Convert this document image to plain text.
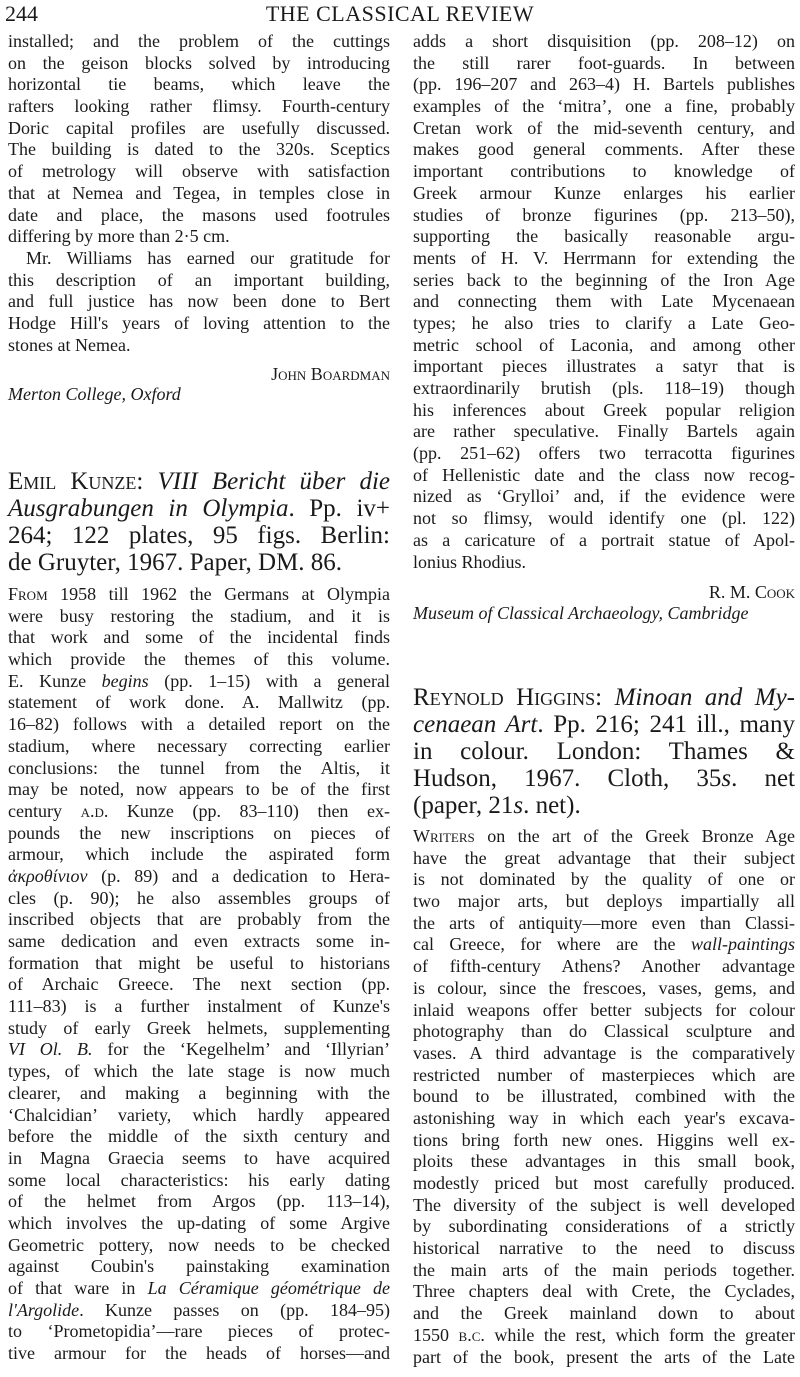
244	THE CLASSICAL REVIEW
installed; and the problem of the cuttings
on the geison blocks solved by introducing
horizontal tie beams, which leave the
rafters looking rather flimsy. Fourth-century
Doric capital profiles are usefully discussed.
The building is dated to the 320s. Sceptics
of metrology will observe with satisfaction
that at Nemea and Tegea, in temples close in
date and place, the masons used footrules
differing by more than 2·5 cm.
Mr. Williams has earned our gratitude for
this description of an important building,
and full justice has now been done to Bert
Hodge Hill's years of loving attention to the
stones at Nemea.
John Boardman
Merton College, Oxford
Emil Kunze: VIII Bericht über die
Ausgrabungen in Olympia. Pp. iv+
264; 122 plates, 95 figs. Berlin:
de Gruyter, 1967. Paper, DM. 86.
From 1958 till 1962 the Germans at Olympia
were busy restoring the stadium, and it is
that work and some of the incidental finds
which provide the themes of this volume.
E. Kunze begins (pp. 1–15) with a general
statement of work done. A. Mallwitz (pp.
16–82) follows with a detailed report on the
stadium, where necessary correcting earlier
conclusions: the tunnel from the Altis, it
may be noted, now appears to be of the first
century a.d. Kunze (pp. 83–110) then ex-
pounds the new inscriptions on pieces of
armour, which include the aspirated form
ἀκροθίνιον (p. 89) and a dedication to Hera-
cles (p. 90); he also assembles groups of
inscribed objects that are probably from the
same dedication and even extracts some in-
formation that might be useful to historians
of Archaic Greece. The next section (pp.
111–83) is a further instalment of Kunze's
study of early Greek helmets, supplementing
VI Ol. B. for the ‘Kegelhelm’ and ‘Illyrian’
types, of which the late stage is now much
clearer, and making a beginning with the
‘Chalcidian’ variety, which hardly appeared
before the middle of the sixth century and
in Magna Graecia seems to have acquired
some local characteristics: his early dating
of the helmet from Argos (pp. 113–14),
which involves the up-dating of some Argive
Geometric pottery, now needs to be checked
against Coubin's painstaking examination
of that ware in La Céramique géométrique de
l'Argolide. Kunze passes on (pp. 184–95)
to ‘Prometopidia’—rare pieces of protec-
tive armour for the heads of horses—and
adds a short disquisition (pp. 208–12) on
the still rarer foot-guards. In between
(pp. 196–207 and 263–4) H. Bartels publishes
examples of the ‘mitra’, one a fine, probably
Cretan work of the mid-seventh century, and
makes good general comments. After these
important contributions to knowledge of
Greek armour Kunze enlarges his earlier
studies of bronze figurines (pp. 213–50),
supporting the basically reasonable argu-
ments of H. V. Herrmann for extending the
series back to the beginning of the Iron Age
and connecting them with Late Mycenaean
types; he also tries to clarify a Late Geo-
metric school of Laconia, and among other
important pieces illustrates a satyr that is
extraordinarily brutish (pls. 118–19) though
his inferences about Greek popular religion
are rather speculative. Finally Bartels again
(pp. 251–62) offers two terracotta figurines
of Hellenistic date and the class now recog-
nized as ‘Grylloi’ and, if the evidence were
not so flimsy, would identify one (pl. 122)
as a caricature of a portrait statue of Apol-
lonius Rhodius.
R. M. Cook
Museum of Classical Archaeology, Cambridge
Reynold Higgins: Minoan and My-
cenaean Art. Pp. 216; 241 ill., many
in colour. London: Thames &
Hudson, 1967. Cloth, 35s. net
(paper, 21s. net).
Writers on the art of the Greek Bronze Age
have the great advantage that their subject
is not dominated by the quality of one or
two major arts, but deploys impartially all
the arts of antiquity—more even than Classi-
cal Greece, for where are the wall-paintings
of fifth-century Athens? Another advantage
is colour, since the frescoes, vases, gems, and
inlaid weapons offer better subjects for colour
photography than do Classical sculpture and
vases. A third advantage is the comparatively
restricted number of masterpieces which are
bound to be illustrated, combined with the
astonishing way in which each year's excava-
tions bring forth new ones. Higgins well ex-
ploits these advantages in this small book,
modestly priced but most carefully produced.
The diversity of the subject is well developed
by subordinating considerations of a strictly
historical narrative to the need to discuss
the main arts of the main periods together.
Three chapters deal with Crete, the Cyclades,
and the Greek mainland down to about
1550 b.c. while the rest, which form the greater
part of the book, present the arts of the Late
